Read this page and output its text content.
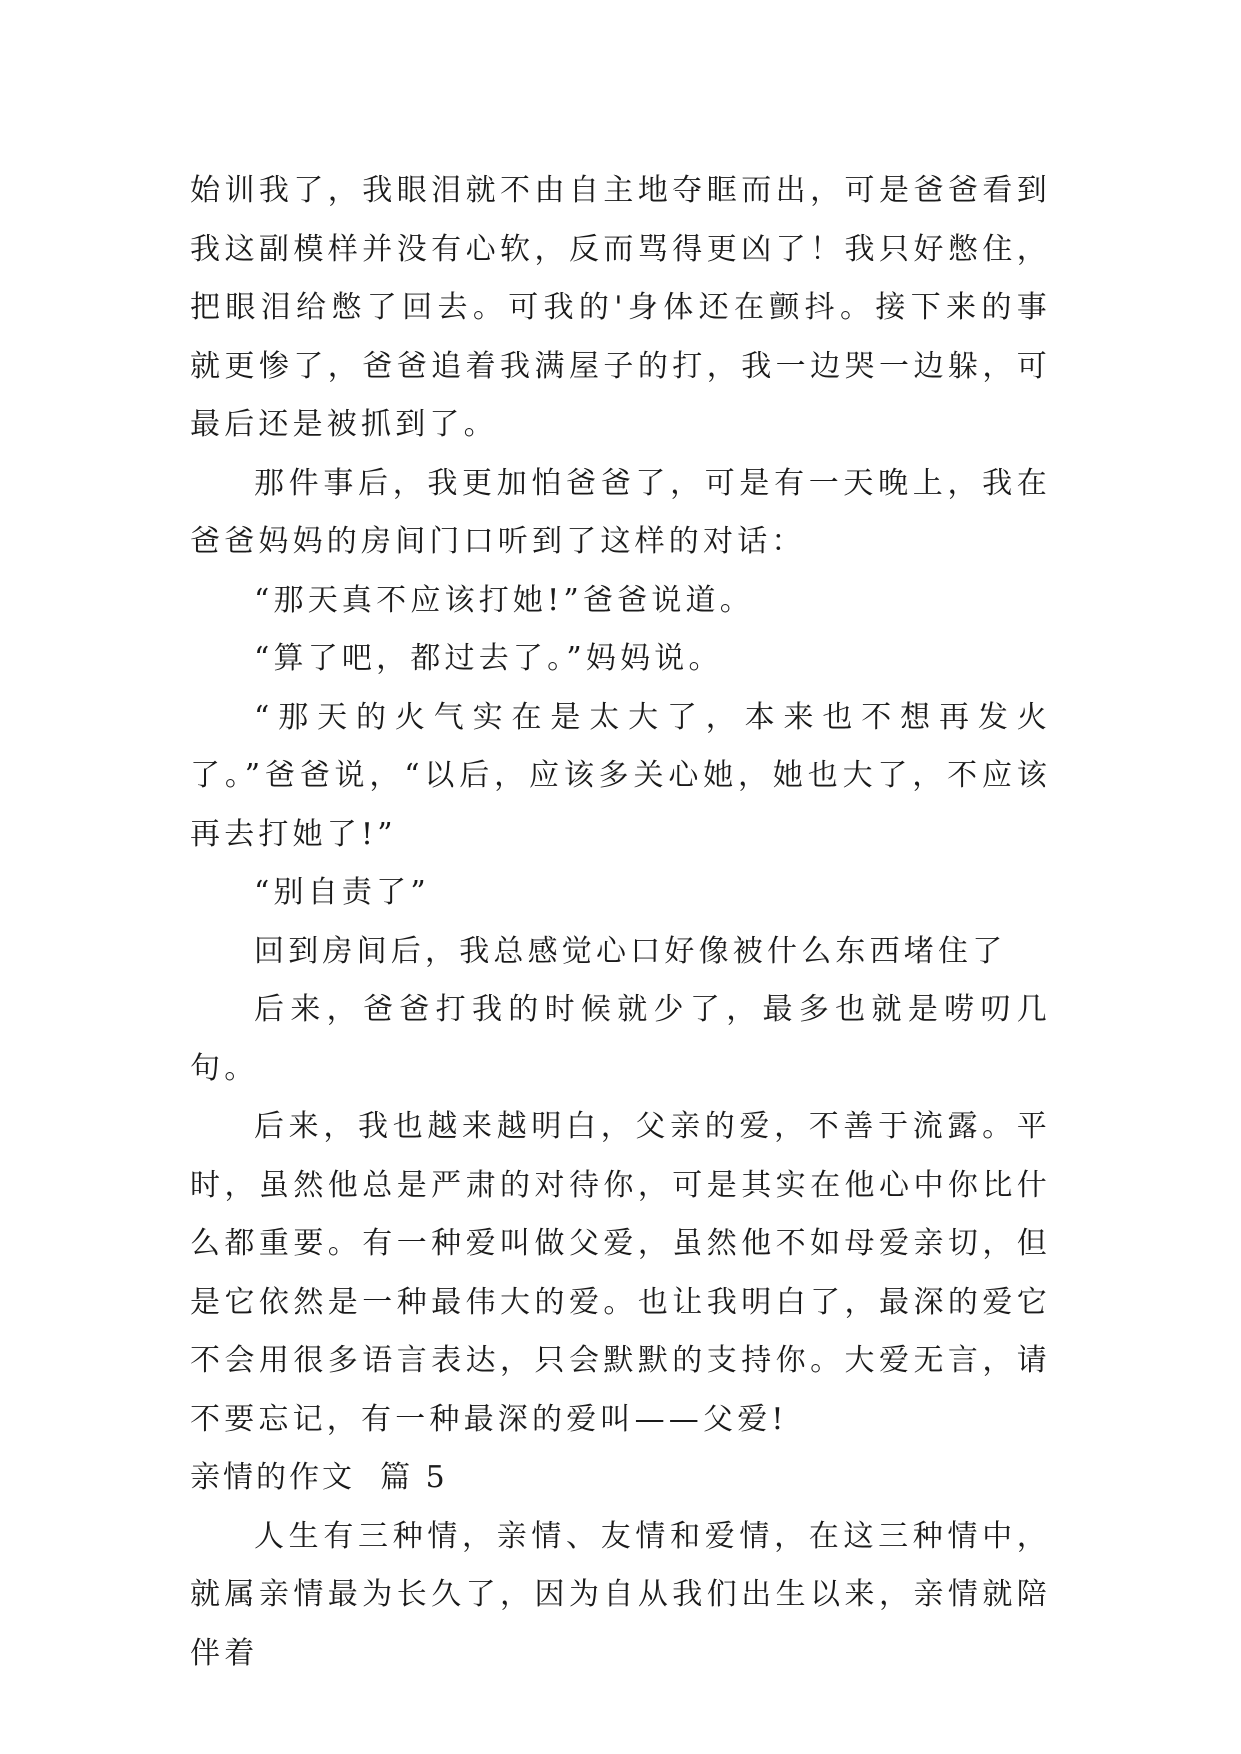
始训我了，我眼泪就不由自主地夺眶而出，可是爸爸看到我这副模样并没有心软，反而骂得更凶了！我只好憋住，把眼泪给憋了回去。可我的'身体还在颤抖。接下来的事就更惨了，爸爸追着我满屋子的打，我一边哭一边躲，可最后还是被抓到了。

那件事后，我更加怕爸爸了，可是有一天晚上，我在爸爸妈妈的房间门口听到了这样的对话：

“那天真不应该打她!”爸爸说道。

“算了吧，都过去了。”妈妈说。

“那天的火气实在是太大了，本来也不想再发火了。”爸爸说，“以后，应该多关心她，她也大了，不应该再去打她了!”

“别自责了”

回到房间后，我总感觉心口好像被什么东西堵住了

后来，爸爸打我的时候就少了，最多也就是唠叨几句。

后来，我也越来越明白，父亲的爱，不善于流露。平时，虽然他总是严肃的对待你，可是其实在他心中你比什么都重要。有一种爱叫做父爱，虽然他不如母爱亲切，但是它依然是一种最伟大的爱。也让我明白了，最深的爱它不会用很多语言表达，只会默默的支持你。大爱无言，请不要忘记，有一种最深的爱叫——父爱!

亲情的作文  篇 5

人生有三种情，亲情、友情和爱情，在这三种情中，就属亲情最为长久了，因为自从我们出生以来，亲情就陪伴着
